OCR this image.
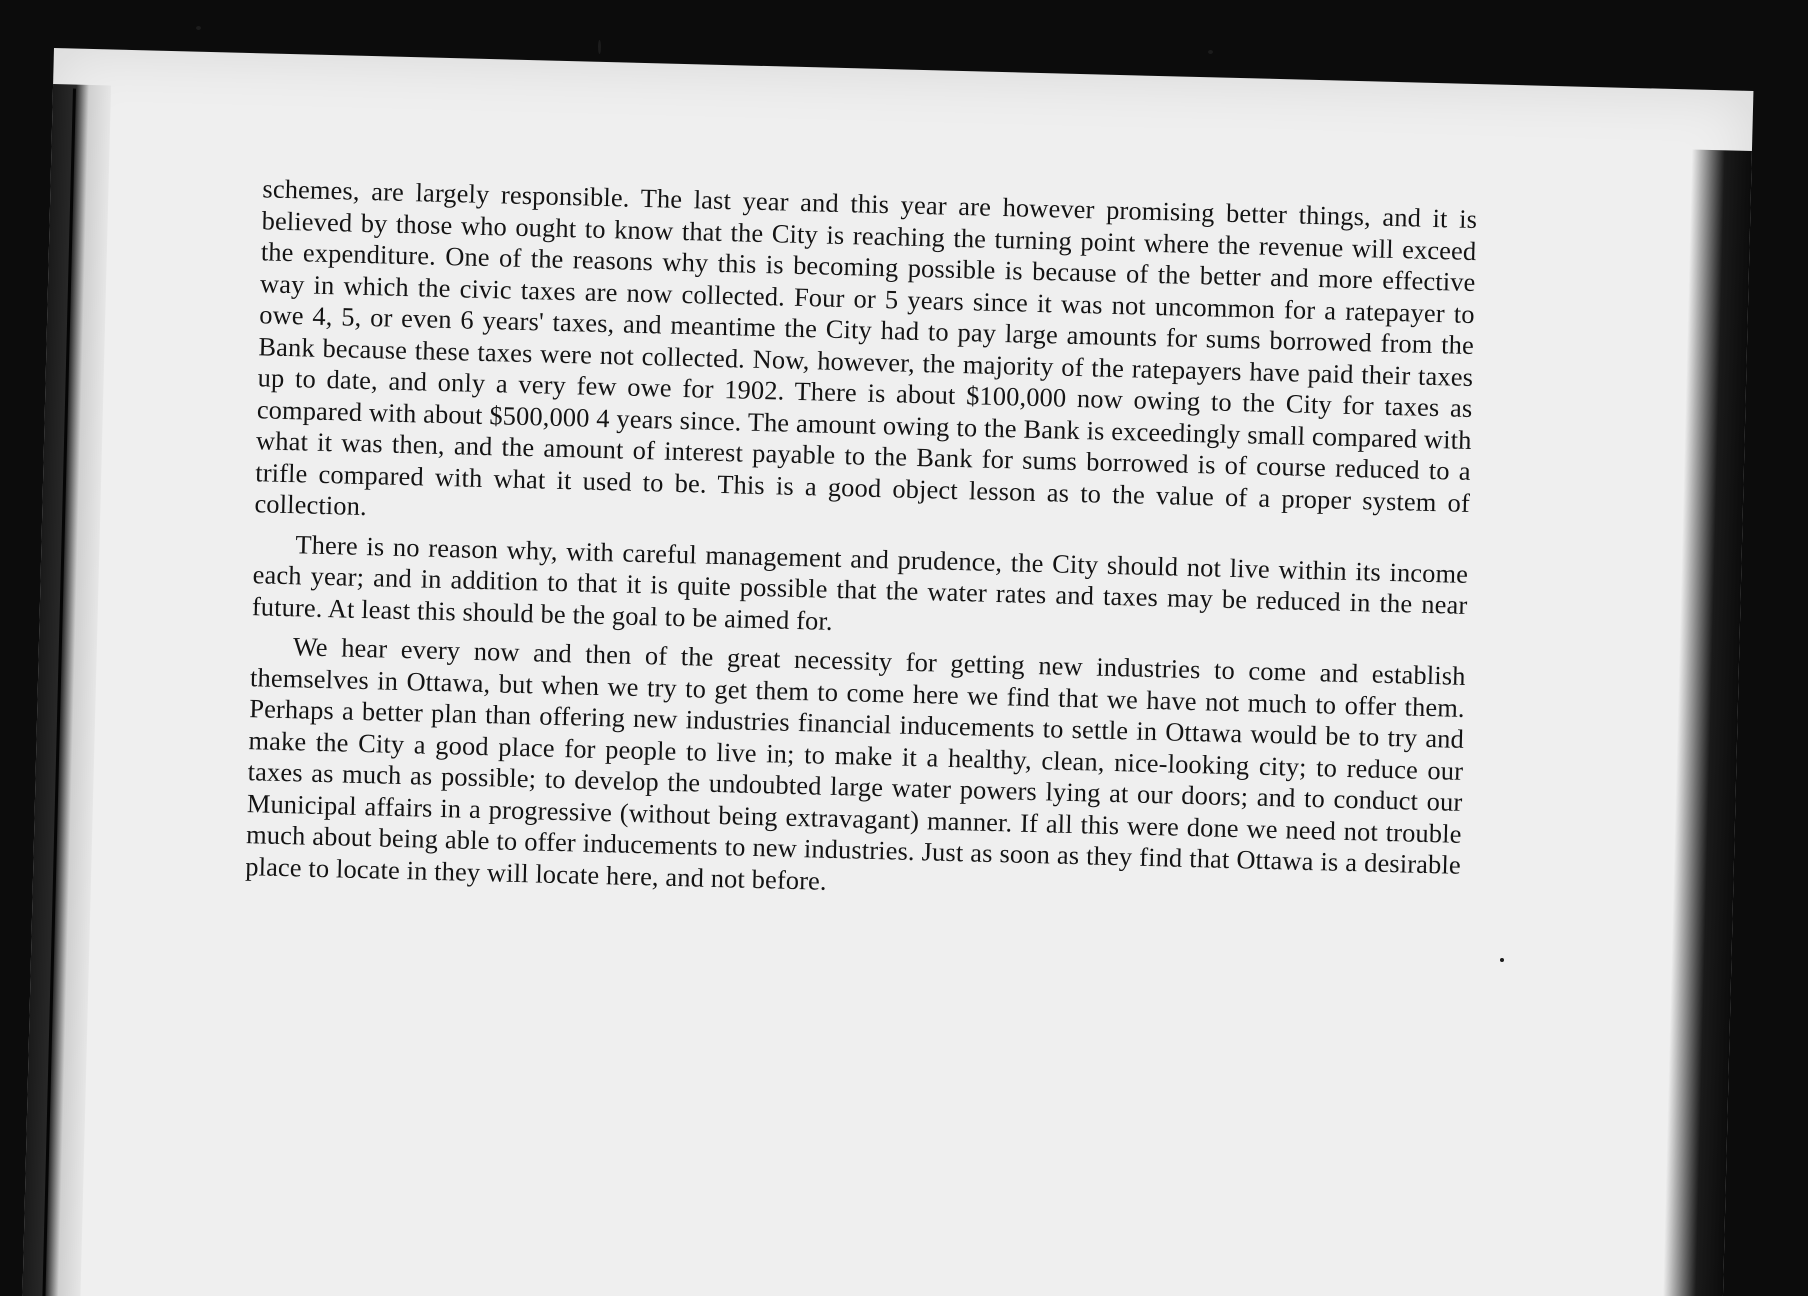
schemes, are largely responsible. The last year and this year are however promising better things, and it is believed by those who ought to know that the City is reaching the turning point where the revenue will exceed the expenditure. One of the reasons why this is becoming possible is because of the better and more effective way in which the civic taxes are now collected. Four or 5 years since it was not uncommon for a ratepayer to owe 4, 5, or even 6 years' taxes, and meantime the City had to pay large amounts for sums borrowed from the Bank because these taxes were not collected. Now, however, the majority of the ratepayers have paid their taxes up to date, and only a very few owe for 1902. There is about $100,000 now owing to the City for taxes as compared with about $500,000 4 years since. The amount owing to the Bank is exceedingly small compared with what it was then, and the amount of interest payable to the Bank for sums borrowed is of course reduced to a trifle compared with what it used to be. This is a good object lesson as to the value of a proper system of collection.

There is no reason why, with careful management and prudence, the City should not live within its income each year; and in addition to that it is quite possible that the water rates and taxes may be reduced in the near future. At least this should be the goal to be aimed for.

We hear every now and then of the great necessity for getting new industries to come and establish themselves in Ottawa, but when we try to get them to come here we find that we have not much to offer them. Perhaps a better plan than offering new industries financial inducements to settle in Ottawa would be to try and make the City a good place for people to live in; to make it a healthy, clean, nice-looking city; to reduce our taxes as much as possible; to develop the undoubted large water powers lying at our doors; and to conduct our Municipal affairs in a progressive (without being extravagant) manner. If all this were done we need not trouble much about being able to offer inducements to new industries. Just as soon as they find that Ottawa is a desirable place to locate in they will locate here, and not before.
